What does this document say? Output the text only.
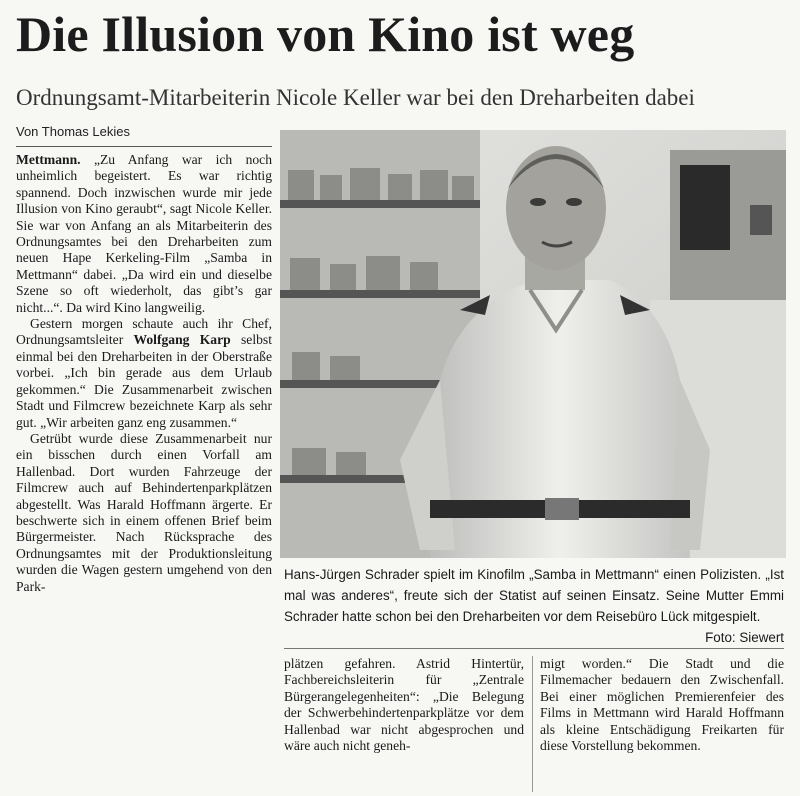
Die Illusion von Kino ist weg
Ordnungsamt-Mitarbeiterin Nicole Keller war bei den Dreharbeiten dabei
Von Thomas Lekies

Mettmann. „Zu Anfang war ich noch unheimlich begeistert. Es war richtig spannend. Doch inzwischen wurde mir jede Illusion von Kino geraubt“, sagt Nicole Keller. Sie war von Anfang an als Mitarbeiterin des Ordnungsamtes bei den Dreharbeiten zum neuen Hape Kerkeling-Film „Samba in Mettmann“ dabei. „Da wird ein und dieselbe Szene so oft wiederholt, das gibt’s gar nicht...“. Da wird Kino langweilig.

Gestern morgen schaute auch ihr Chef, Ordnungsamtsleiter Wolfgang Karp selbst einmal bei den Dreharbeiten in der Oberstraße vorbei. „Ich bin gerade aus dem Urlaub gekommen.“ Die Zusammenarbeit zwischen Stadt und Filmcrew bezeichnete Karp als sehr gut. „Wir arbeiten ganz eng zusammen.“

Getrübt wurde diese Zusammenarbeit nur ein bisschen durch einen Vorfall am Hallenbad. Dort wurden Fahrzeuge der Filmcrew auch auf Behindertenparkplätzen abgestellt. Was Harald Hoffmann ärgerte. Er beschwerte sich in einem offenen Brief beim Bürgermeister. Nach Rücksprache des Ordnungsamtes mit der Produktionsleitung wurden die Wagen gestern umgehend von den Park-

Hans-Jürgen Schrader spielt im Kinofilm „Samba in Mettmann“ einen Polizisten. „Ist mal was anderes“, freute sich der Statist auf seinen Einsatz. Seine Mutter Emmi Schrader hatte schon bei den Dreharbeiten vor dem Reisebüro Lück mitgespielt.
Foto: Siewert

plätzen gefahren. Astrid Hintertür, Fachbereichsleiterin für „Zentrale Bürgerangelegenheiten“: „Die Belegung der Schwerbehindertenparkplätze vor dem Hallenbad war nicht abgesprochen und wäre auch nicht geneh-

migt worden.“ Die Stadt und die Filmemacher bedauern den Zwischenfall. Bei einer möglichen Premierenfeier des Films in Mettmann wird Harald Hoffmann als kleine Entschädigung Freikarten für diese Vorstellung bekommen.
